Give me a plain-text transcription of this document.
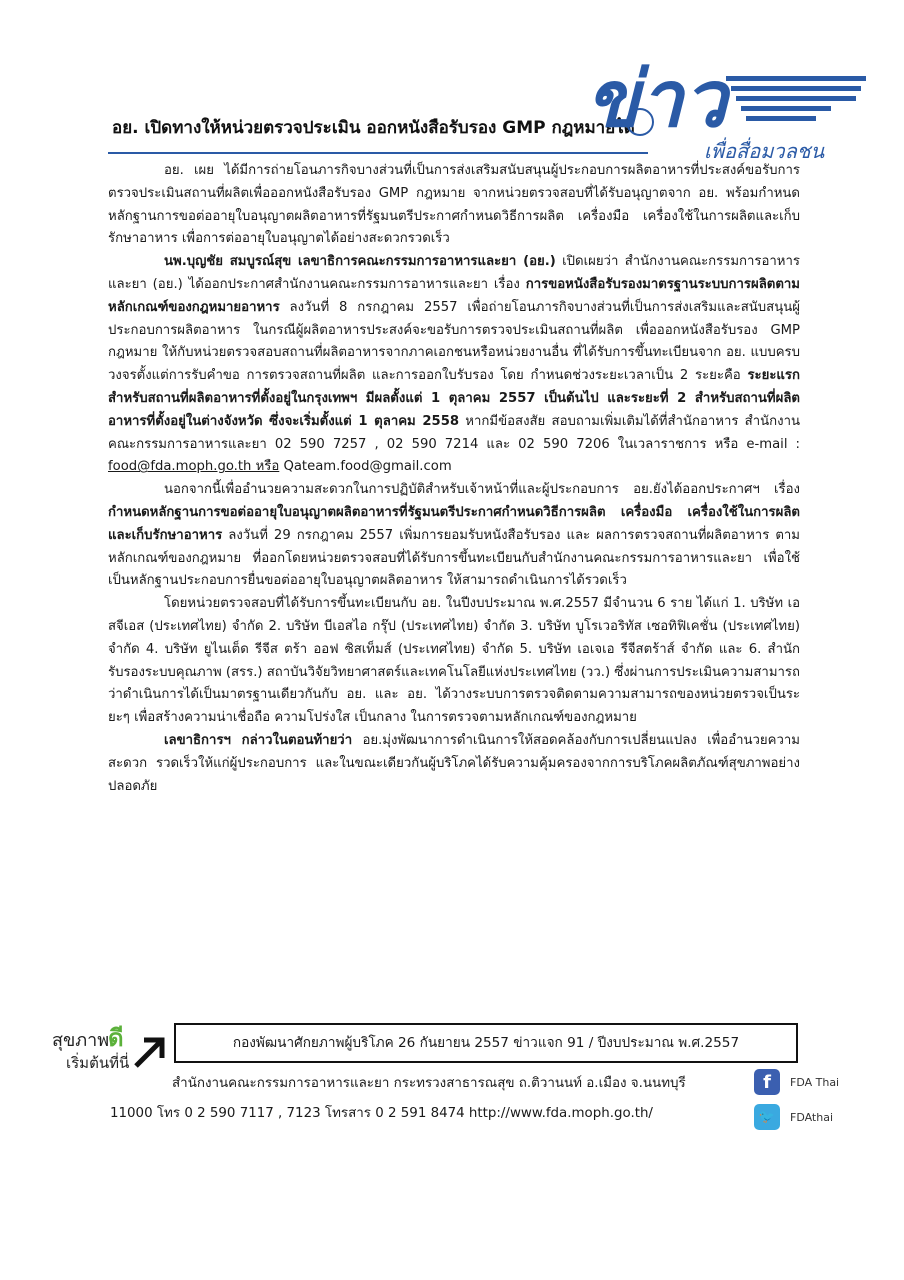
อย. เปิดทางให้หน่วยตรวจประเมิน ออกหนังสือรับรอง GMP กฎหมายได้
ข่าว
เพื่อสื่อมวลชน

อย. เผย ได้มีการถ่ายโอนภารกิจบางส่วนที่เป็นการส่งเสริมสนับสนุนผู้ประกอบการผลิตอาหารที่ประสงค์ขอรับการตรวจประเมินสถานที่ผลิตเพื่อออกหนังสือรับรอง GMP กฎหมาย จากหน่วยตรวจสอบที่ได้รับอนุญาตจาก อย. พร้อมกำหนดหลักฐานการขอต่ออายุใบอนุญาตผลิตอาหารที่รัฐมนตรีประกาศกำหนดวิธีการผลิต เครื่องมือ เครื่องใช้ในการผลิตและเก็บรักษาอาหาร เพื่อการต่ออายุใบอนุญาตได้อย่างสะดวกรวดเร็ว

นพ.บุญชัย สมบูรณ์สุข เลขาธิการคณะกรรมการอาหารและยา (อย.) เปิดเผยว่า สำนักงานคณะกรรมการอาหารและยา (อย.) ได้ออกประกาศสำนักงานคณะกรรมการอาหารและยา เรื่อง การขอหนังสือรับรองมาตรฐานระบบการผลิตตามหลักเกณฑ์ของกฎหมายอาหาร ลงวันที่ 8 กรกฎาคม 2557 เพื่อถ่ายโอนภารกิจบางส่วนที่เป็นการส่งเสริมและสนับสนุนผู้ประกอบการผลิตอาหาร ในกรณีผู้ผลิตอาหารประสงค์จะขอรับการตรวจประเมินสถานที่ผลิต เพื่อออกหนังสือรับรอง GMP กฎหมาย ให้กับหน่วยตรวจสอบสถานที่ผลิตอาหารจากภาคเอกชนหรือหน่วยงานอื่น ที่ได้รับการขึ้นทะเบียนจาก อย. แบบครบวงจรตั้งแต่การรับคำขอ การตรวจสถานที่ผลิต และการออกใบรับรอง โดย กำหนดช่วงระยะเวลาเป็น 2 ระยะคือ ระยะแรกสำหรับสถานที่ผลิตอาหารที่ตั้งอยู่ในกรุงเทพฯ มีผลตั้งแต่ 1 ตุลาคม 2557 เป็นต้นไป และระยะที่ 2 สำหรับสถานที่ผลิตอาหารที่ตั้งอยู่ในต่างจังหวัด ซึ่งจะเริ่มตั้งแต่ 1 ตุลาคม 2558 หากมีข้อสงสัย สอบถามเพิ่มเติมได้ที่สำนักอาหาร สำนักงานคณะกรรมการอาหารและยา 02 590 7257 , 02 590 7214 และ 02 590 7206 ในเวลาราชการ หรือ e-mail : food@fda.moph.go.th หรือ Qateam.food@gmail.com

นอกจากนี้เพื่ออำนวยความสะดวกในการปฏิบัติสำหรับเจ้าหน้าที่และผู้ประกอบการ อย.ยังได้ออกประกาศฯ เรื่อง กำหนดหลักฐานการขอต่ออายุใบอนุญาตผลิตอาหารที่รัฐมนตรีประกาศกำหนดวิธีการผลิต เครื่องมือ เครื่องใช้ในการผลิตและเก็บรักษาอาหาร ลงวันที่ 29 กรกฎาคม 2557 เพิ่มการยอมรับหนังสือรับรอง และ ผลการตรวจสถานที่ผลิตอาหาร ตามหลักเกณฑ์ของกฎหมาย ที่ออกโดยหน่วยตรวจสอบที่ได้รับการขึ้นทะเบียนกับสำนักงานคณะกรรมการอาหารและยา เพื่อใช้เป็นหลักฐานประกอบการยื่นขอต่ออายุใบอนุญาตผลิตอาหาร ให้สามารถดำเนินการได้รวดเร็ว

โดยหน่วยตรวจสอบที่ได้รับการขึ้นทะเบียนกับ อย. ในปีงบประมาณ พ.ศ.2557 มีจำนวน 6 ราย ได้แก่ 1. บริษัท เอสจีเอส (ประเทศไทย) จำกัด 2. บริษัท บีเอสไอ กรุ๊ป (ประเทศไทย) จำกัด 3. บริษัท บูโรเวอริทัส เซอทิฟิเคชั่น (ประเทศไทย) จำกัด 4. บริษัท ยูไนเต็ด รีจีส ตร้า ออฟ ซิสเท็มส์ (ประเทศไทย) จำกัด 5. บริษัท เอเจเอ รีจีสตร้าส์ จำกัด และ 6. สำนักรับรองระบบคุณภาพ (สรร.) สถาบันวิจัยวิทยาศาสตร์และเทคโนโลยีแห่งประเทศไทย (วว.) ซึ่งผ่านการประเมินความสามารถว่าดำเนินการได้เป็นมาตรฐานเดียวกันกับ อย. และ อย. ได้วางระบบการตรวจติดตามความสามารถของหน่วยตรวจเป็นระยะๆ เพื่อสร้างความน่าเชื่อถือ ความโปร่งใส เป็นกลาง ในการตรวจตามหลักเกณฑ์ของกฎหมาย

เลขาธิการฯ กล่าวในตอนท้ายว่า อย.มุ่งพัฒนาการดำเนินการให้สอดคล้องกับการเปลี่ยนแปลง เพื่ออำนวยความสะดวก รวดเร็วให้แก่ผู้ประกอบการ และในขณะเดียวกันผู้บริโภคได้รับความคุ้มครองจากการบริโภคผลิตภัณฑ์สุขภาพอย่างปลอดภัย

สุขภาพ
ดี
เริ่มต้นที่นี่
กองพัฒนาศักยภาพผู้บริโภค 26 กันยายน 2557 ข่าวแจก 91 / ปีงบประมาณ พ.ศ.2557
สำนักงานคณะกรรมการอาหารและยา กระทรวงสาธารณสุข ถ.ติวานนท์ อ.เมือง จ.นนทบุรี
11000 โทร 0 2 590 7117 , 7123 โทรสาร 0 2 591 8474 http://www.fda.moph.go.th/
f	FDA Thai
🐦	FDAthai
